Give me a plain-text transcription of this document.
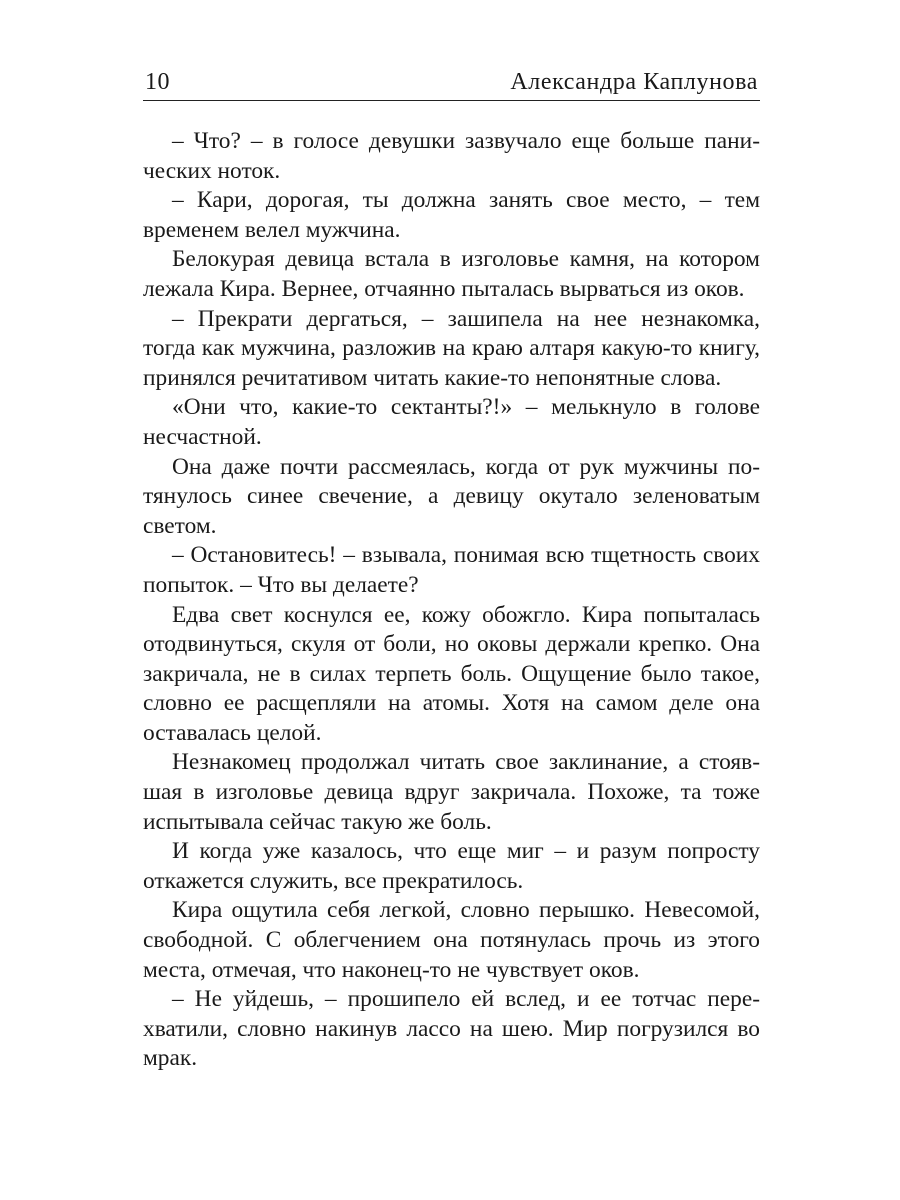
10	Александра Каплунова

– Что? – в голосе девушки зазвучало еще больше панических ноток.

– Кари, дорогая, ты должна занять свое место, – тем временем велел мужчина.

Белокурая девица встала в изголовье камня, на котором лежала Кира. Вернее, отчаянно пыталась вырваться из оков.

– Прекрати дергаться, – зашипела на нее незнакомка, тогда как мужчина, разложив на краю алтаря какую-то книгу, принялся речитативом читать какие-то непонятные слова.

«Они что, какие-то сектанты?!» – мелькнуло в голове несчастной.

Она даже почти рассмеялась, когда от рук мужчины потянулось синее свечение, а девицу окутало зеленоватым светом.

– Остановитесь! – взывала, понимая всю тщетность своих попыток. – Что вы делаете?

Едва свет коснулся ее, кожу обожгло. Кира попыталась отодвинуться, скуля от боли, но оковы держали крепко. Она закричала, не в силах терпеть боль. Ощущение было такое, словно ее расщепляли на атомы. Хотя на самом деле она оставалась целой.

Незнакомец продолжал читать свое заклинание, а стоявшая в изголовье девица вдруг закричала. Похоже, та тоже испытывала сейчас такую же боль.

И когда уже казалось, что еще миг – и разум попросту откажется служить, все прекратилось.

Кира ощутила себя легкой, словно перышко. Невесомой, свободной. С облегчением она потянулась прочь из этого места, отмечая, что наконец-то не чувствует оков.

– Не уйдешь, – прошипело ей вслед, и ее тотчас перехватили, словно накинув лассо на шею. Мир погрузился во мрак.
